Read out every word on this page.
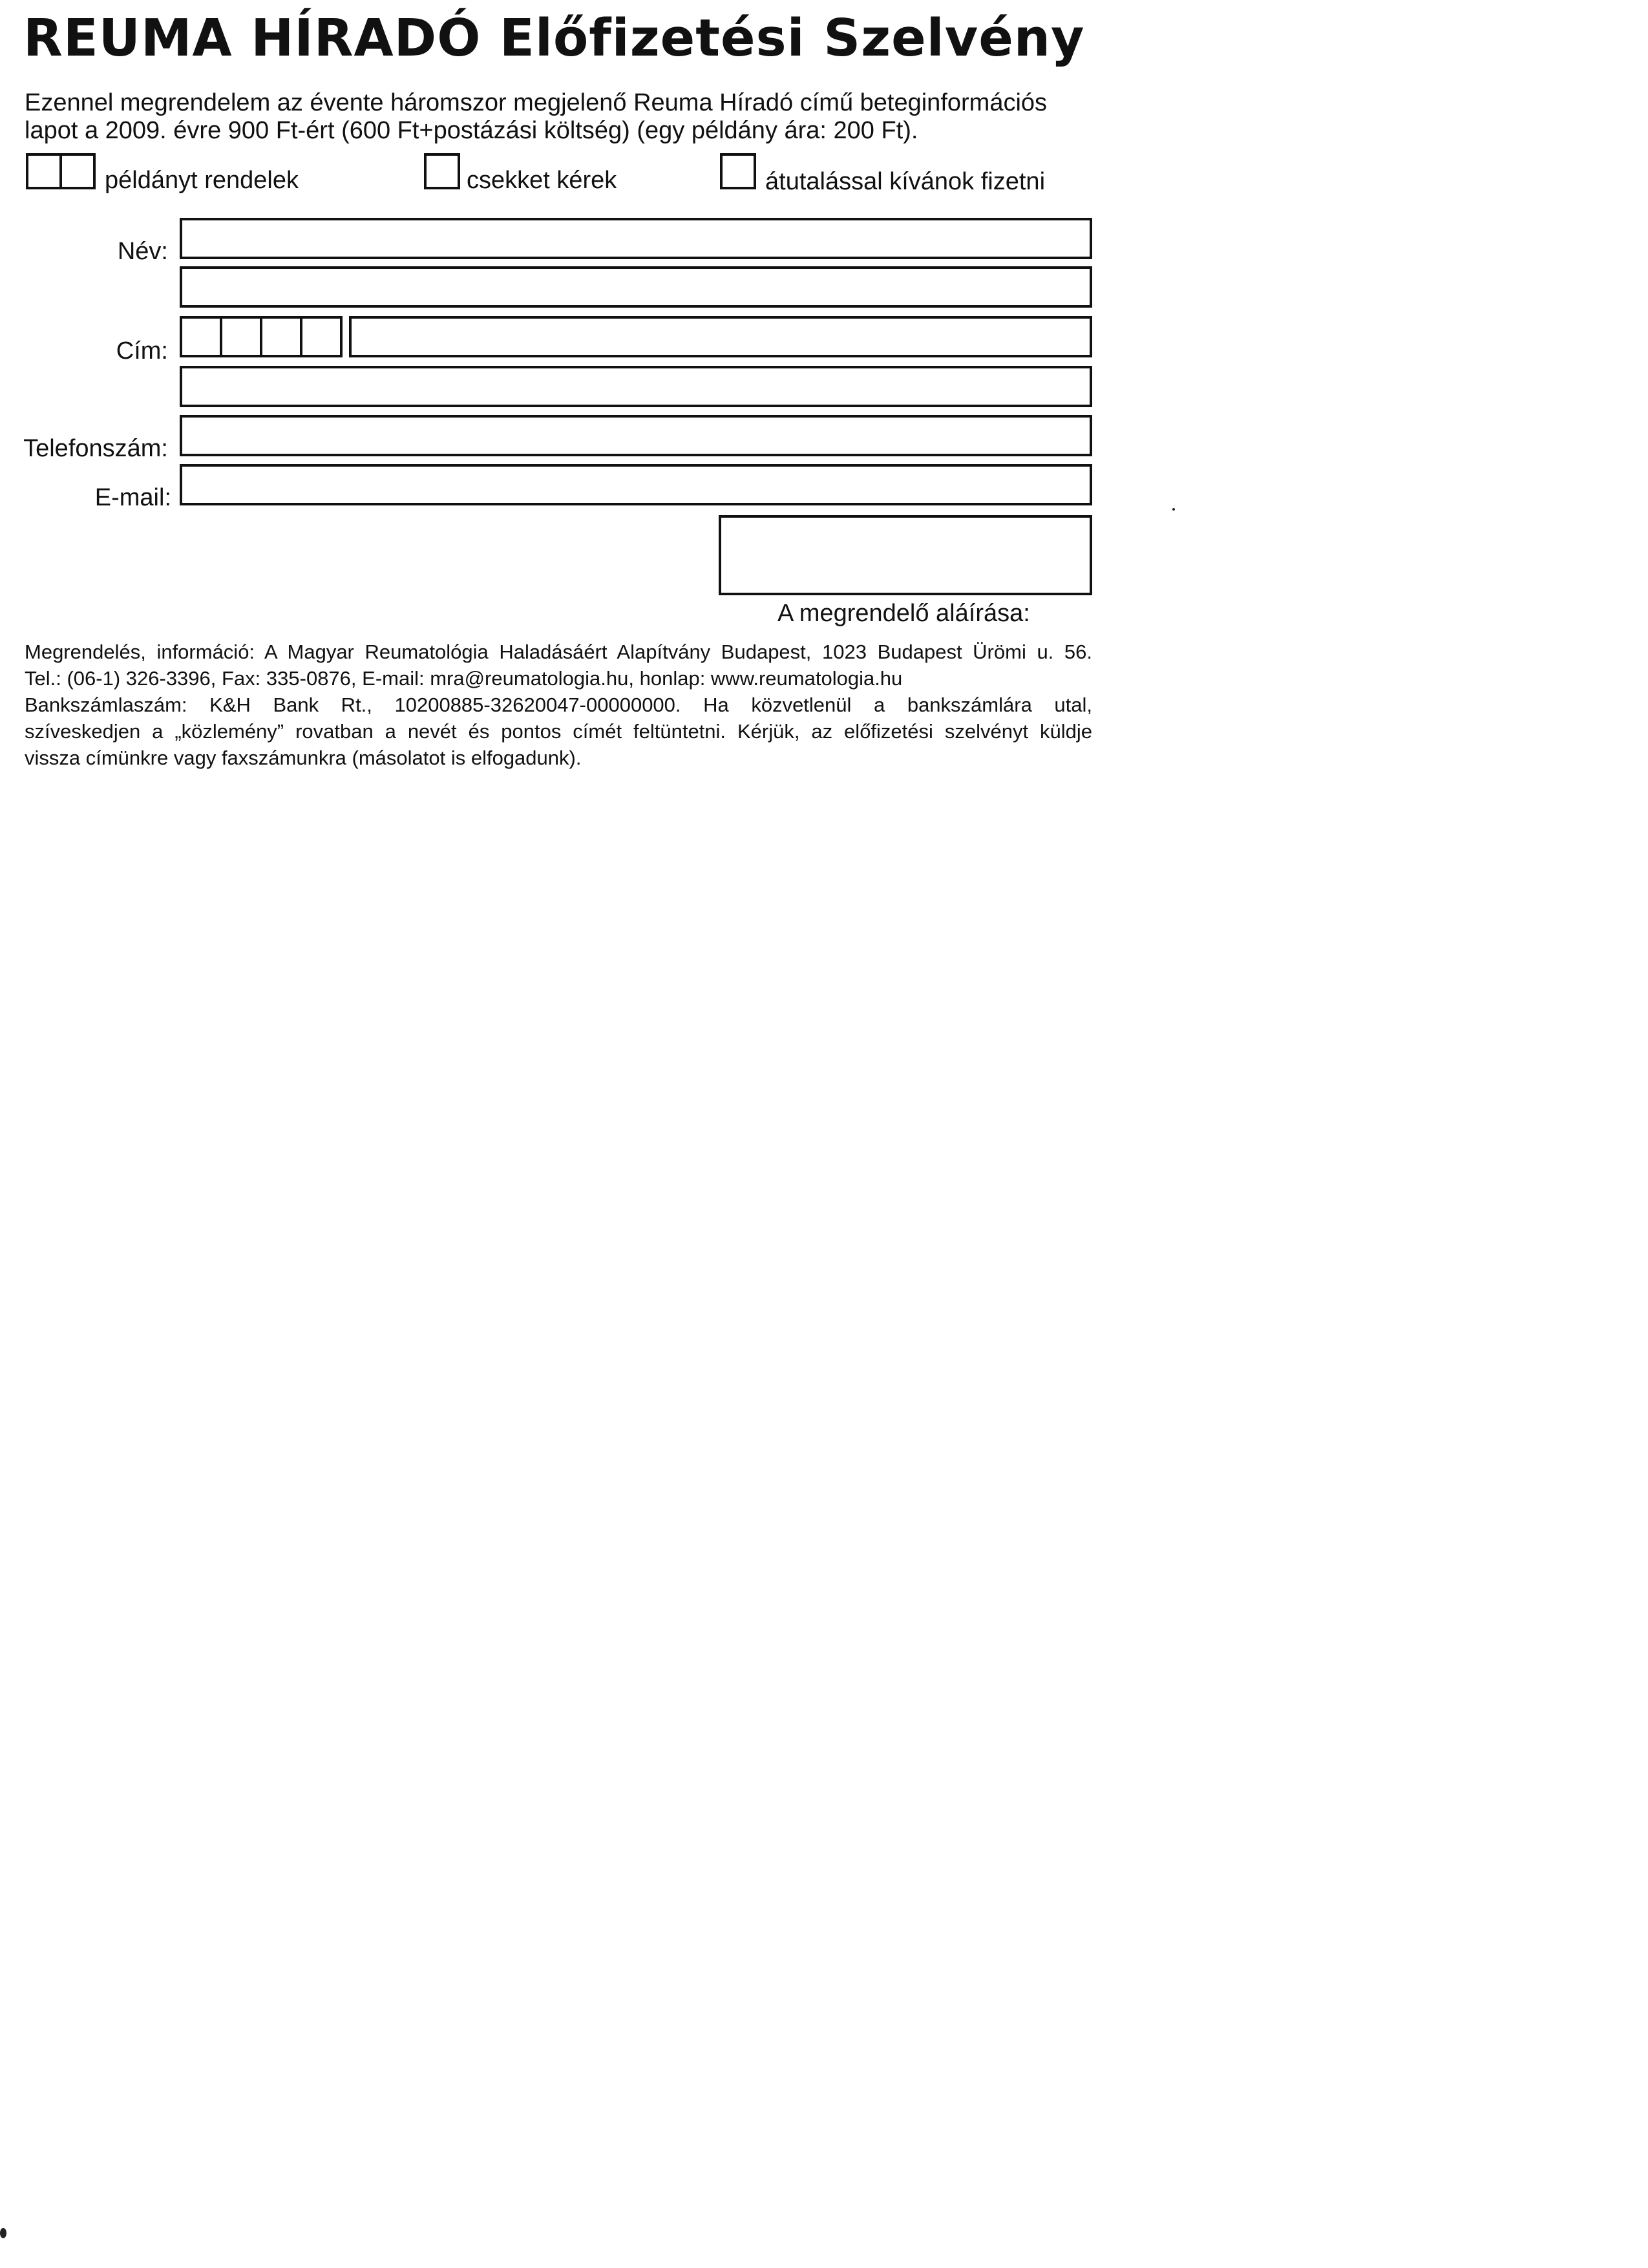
REUMA HÍRADÓ Előfizetési Szelvény
Ezennel megrendelem az évente háromszor megjelenő Reuma Híradó című beteginformációs
lapot a 2009. évre 900 Ft-ért (600 Ft+postázási költség) (egy példány ára: 200 Ft).
példányt rendelek	csekket kérek	átutalással kívánok fizetni
Név:
Cím:
Telefonszám:
E-mail:
A megrendelő aláírása:

Megrendelés, információ: A Magyar Reumatológia Haladásáért Alapítvány Budapest, 1023 Budapest Ürömi u. 56.

Tel.: (06-1) 326-3396, Fax: 335-0876, E-mail: mra@reumatologia.hu, honlap: www.reumatologia.hu

Bankszámlaszám: K&H Bank Rt., 10200885-32620047-00000000. Ha közvetlenül a bankszámlára utal,

szíveskedjen a „közlemény” rovatban a nevét és pontos címét feltüntetni. Kérjük, az előfizetési szelvényt küldje

vissza címünkre vagy faxszámunkra (másolatot is elfogadunk).
